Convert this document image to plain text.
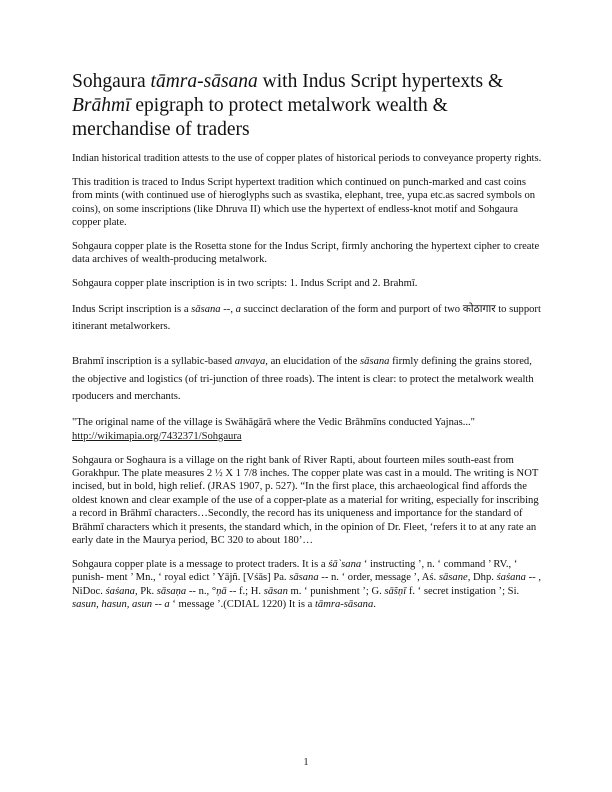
Sohgaura tāmra-sāsana with Indus Script hypertexts & Brāhmī epigraph to protect metalwork wealth & merchandise of traders

Indian historical tradition attests to the use of copper plates of historical periods to conveyance property rights.

This tradition is traced to Indus Script hypertext tradition which continued on punch-marked and cast coins from mints (with continued use of hieroglyphs such as svastika, elephant, tree, yupa etc.as sacred symbols on coins), on some inscriptions (like Dhruva II) which use the hypertext of endless-knot motif and Sohgaura copper plate.

Sohgaura copper plate is the Rosetta stone for the Indus Script, firmly anchoring the hypertext cipher to create data archives of wealth-producing metalwork.

Sohgaura copper plate inscription is in two scripts: 1. Indus Script and 2. Brahmī.

Indus Script inscription is a sāsana --, a succinct declaration of the form and purport of two कोठागार to support itinerant metalworkers.

Brahmī inscription is a syllabic-based anvaya, an elucidation of the sāsana firmly defining the grains stored, the objective and logistics (of tri-junction of three roads). The intent is clear: to protect the metalwork wealth rpoducers and merchants.

"The original name of the village is Swāhāgārā where the Vedic Brāhmīns conducted Yajnas..."
http://wikimapia.org/7432371/Sohgaura

Sohgaura or Soghaura is a village on the right bank of River Rapti, about fourteen miles south-east from Gorakhpur. The plate measures 2 ½ X 1 7/8 inches. The copper plate was cast in a mould. The writing is NOT incised, but in bold, high relief. (JRAS 1907, p. 527). “In the first place, this archaeological find affords the oldest known and clear example of the use of a copper-plate as a material for writing, especially for inscribing a record in Brāhmī characters…Secondly, the record has its uniqueness and importance for the standard of Brāhmī characters which it presents, the standard which, in the opinion of Dr. Fleet, ‘refers it to at any rate an early date in the Maurya period, BC 320 to about 180’…

Sohgaura copper plate is a message to protect traders. It is a śā`sana ‘ instructing ’, n. ‘ command ’ RV., ‘ punish- ment ’ Mn., ‘ royal edict ’ Yājñ. [Vśās] Pa. sāsana -- n. ‘ order, message ’, Aś. sāsane, Dhp. śaśana -- , NiDoc. śaśana, Pk. sāsaṇa -- n., °ṇā -- f.; H. sāsan m. ‘ punishment ’; G. sā̃sṇī f. ‘ secret instigation ’; Si. sasun, hasun, asun -- a ‘ message ’.(CDIAL 1220) It is a tāmra-sāsana.

1
